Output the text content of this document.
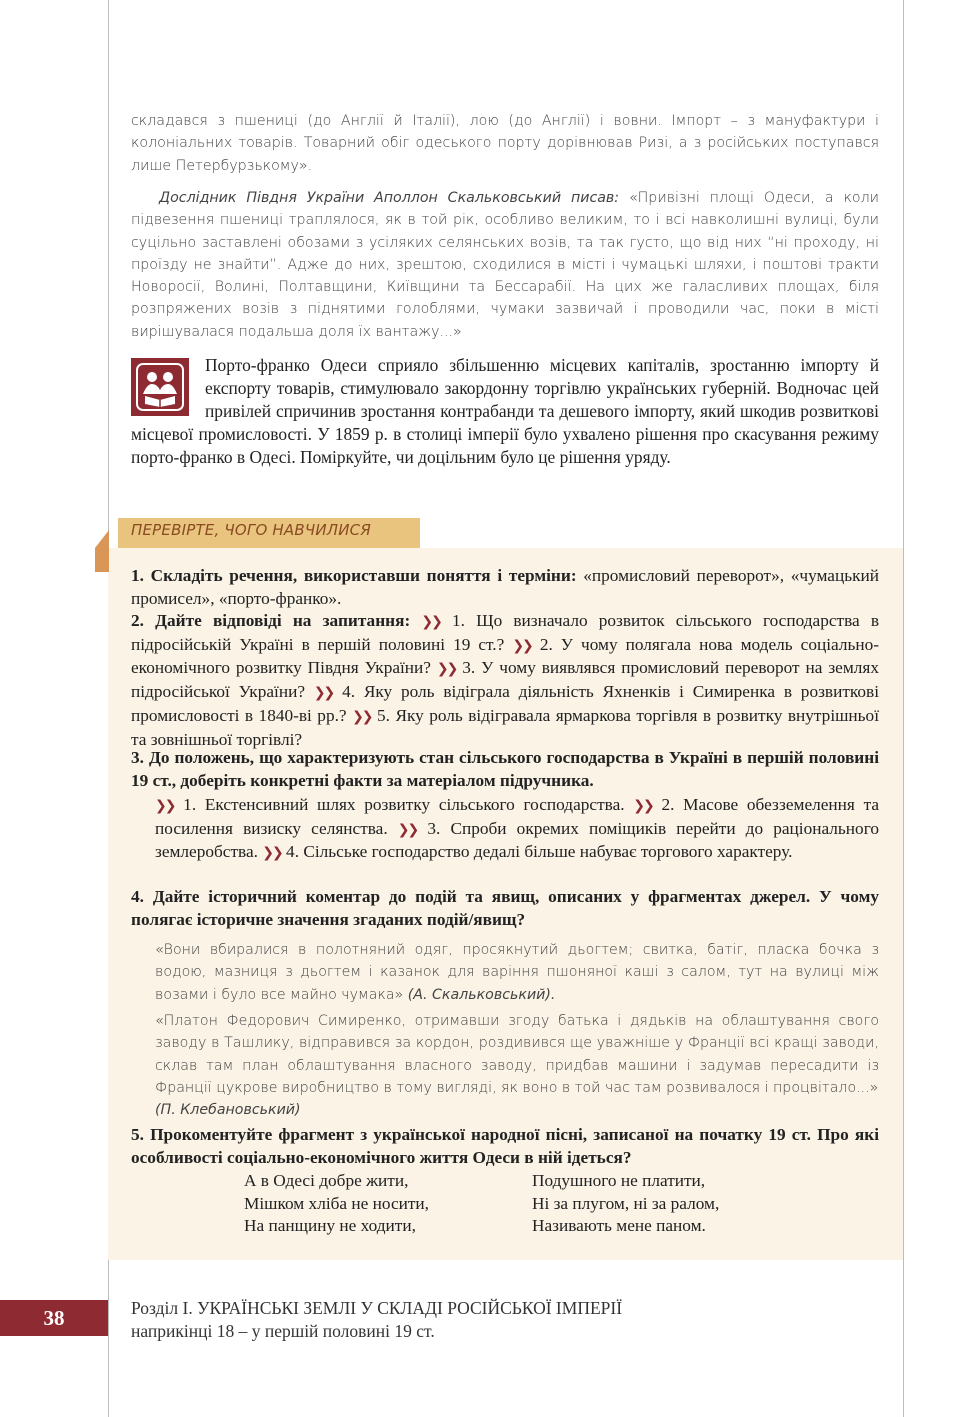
складався з пшениці (до Англії й Італії), лою (до Англії) і вовни. Імпорт – з мануфактури і колоніальних товарів. Товарний обіг одеського порту дорівнював Ризі, а з російських поступався лише Петербурзькому».

Дослідник Півдня України Аполлон Скальковський писав: «Привізні площі Одеси, а коли підвезення пшениці траплялося, як в той рік, особливо великим, то і всі навколишні вулиці, були суцільно заставлені обозами з усіляких селянських возів, та так густо, що від них “ні проходу, ні проїзду не знайти”. Адже до них, зрештою, сходилися в місті і чумацькі шляхи, і поштові тракти Новоросії, Волині, Полтавщини, Київщини та Бессарабії. На цих же галасливих площах, біля розпряжених возів з піднятими голоблями, чумаки зазвичай і проводили час, поки в місті вирішувалася подальша доля їх вантажу...»

Порто-франко Одеси сприяло збільшенню місцевих капіталів, зростанню імпорту й експорту товарів, стимулювало закордонну торгівлю українських губерній. Водночас цей привілей спричинив зростання контрабанди та дешевого імпорту, який шкодив розвиткові місцевої промисловості. У 1859 р. в столиці імперії було ухвалено рішення про скасування режиму порто-франко в Одесі. Поміркуйте, чи доцільним було це рішення уряду.
ПЕРЕВІРТЕ, ЧОГО НАВЧИЛИСЯ
1. Складіть речення, використавши поняття і терміни: «промисловий переворот», «чумацький промисел», «порто-франко».
2. Дайте відповіді на запитання: ❯❯ 1. Що визначало розвиток сільського господарства в підросійській Україні в першій половині 19 ст.? ❯❯ 2. У чому полягала нова модель соціально-економічного розвитку Півдня України? ❯❯ 3. У чому виявлявся промисловий переворот на землях підросійської України? ❯❯ 4. Яку роль відіграла діяльність Яхненків і Симиренка в розвиткові промисловості в 1840-ві рр.? ❯❯ 5. Яку роль відігравала ярмаркова торгівля в розвитку внутрішньої та зовнішньої торгівлі?
3. До положень, що характеризують стан сільського господарства в Україні в першій половині 19 ст., доберіть конкретні факти за матеріалом підручника.
❯❯ 1. Екстенсивний шлях розвитку сільського господарства. ❯❯ 2. Масове обезземелення та посилення визиску селянства. ❯❯ 3. Спроби окремих поміщиків перейти до раціонального землеробства. ❯❯ 4. Сільське господарство дедалі більше набуває торгового характеру.
4. Дайте історичний коментар до подій та явищ, описаних у фрагментах джерел. У чому полягає історичне значення згаданих подій/явищ?
«Вони вбиралися в полотняний одяг, просякнутий дьогтем; свитка, батіг, пласка бочка з водою, мазниця з дьогтем і казанок для варіння пшоняної каші з салом, тут на вулиці між возами і було все майно чумака» (А. Скальковський).
«Платон Федорович Симиренко, отримавши згоду батька і дядьків на облаштування свого заводу в Ташлику, відправився за кордон, роздивився ще уважніше у Франції всі кращі заводи, склав там план облаштування власного заводу, придбав машини і задумав пересадити із Франції цукрове виробництво в тому вигляді, як воно в той час там розвивалося і процвітало...»
(П. Клебановський)
5. Прокоментуйте фрагмент з української народної пісні, записаної на початку 19 ст. Про які особливості соціально-економічного життя Одеси в ній ідеться?
А в Одесі добре жити,
Мішком хліба не носити,
На панщину не ходити,
Подушного не платити,
Ні за плугом, ні за ралом,
Називають мене паном.
38	Розділ I. УКРАЇНСЬКІ ЗЕМЛІ У СКЛАДІ РОСІЙСЬКОЇ ІМПЕРІЇ
наприкінці 18 – у першій половині 19 ст.
